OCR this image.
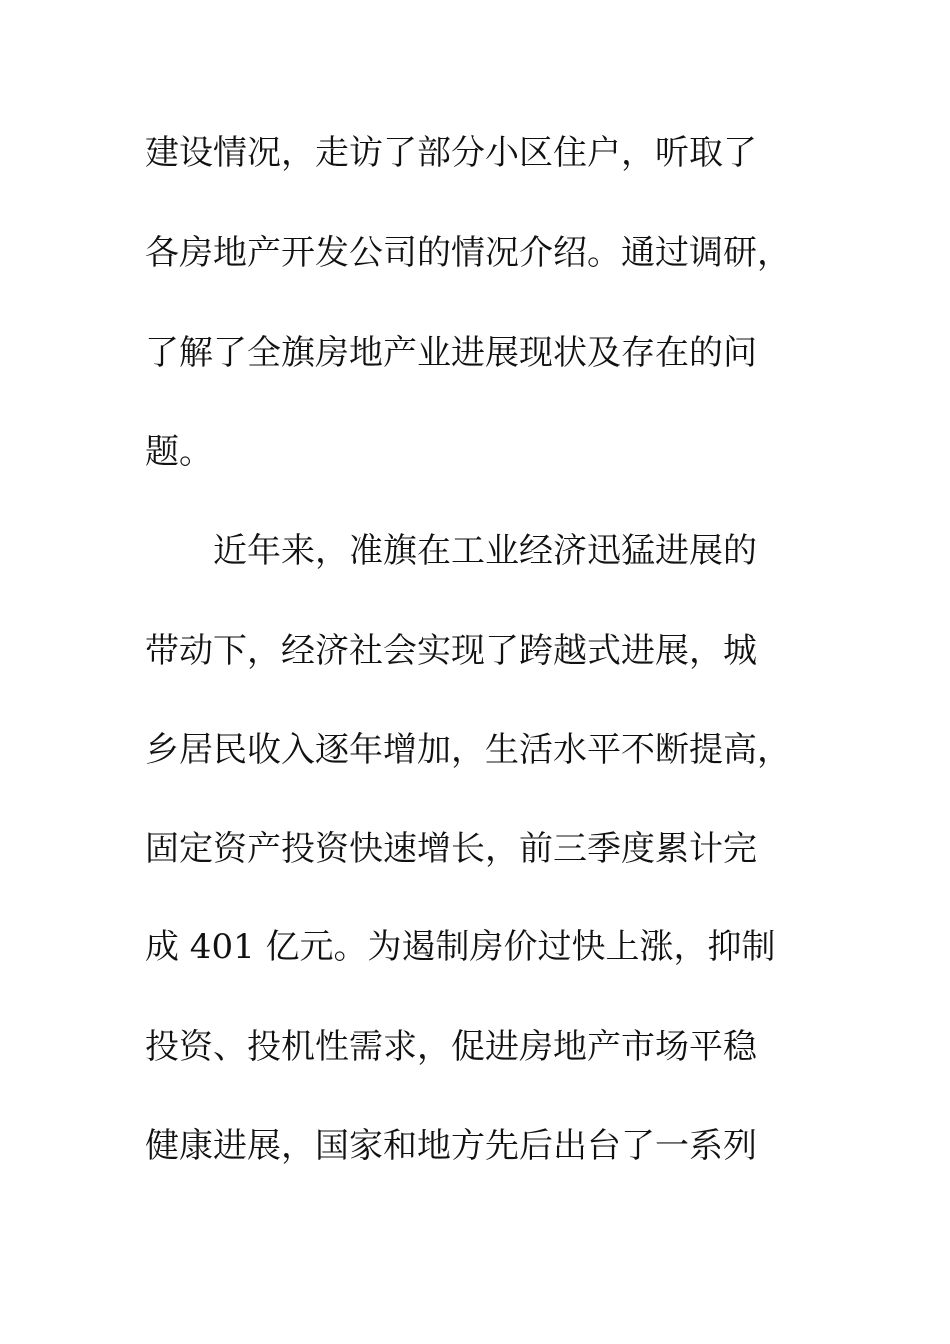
建设情况，走访了部分小区住户，听取了
各房地产开发公司的情况介绍。通过调研，
了解了全旗房地产业进展现状及存在的问
题。
近年来，准旗在工业经济迅猛进展的
带动下，经济社会实现了跨越式进展，城
乡居民收入逐年增加，生活水平不断提高，
固定资产投资快速增长，前三季度累计完
成 401 亿元。为遏制房价过快上涨，抑制
投资、投机性需求，促进房地产市场平稳
健康进展，国家和地方先后出台了一系列
